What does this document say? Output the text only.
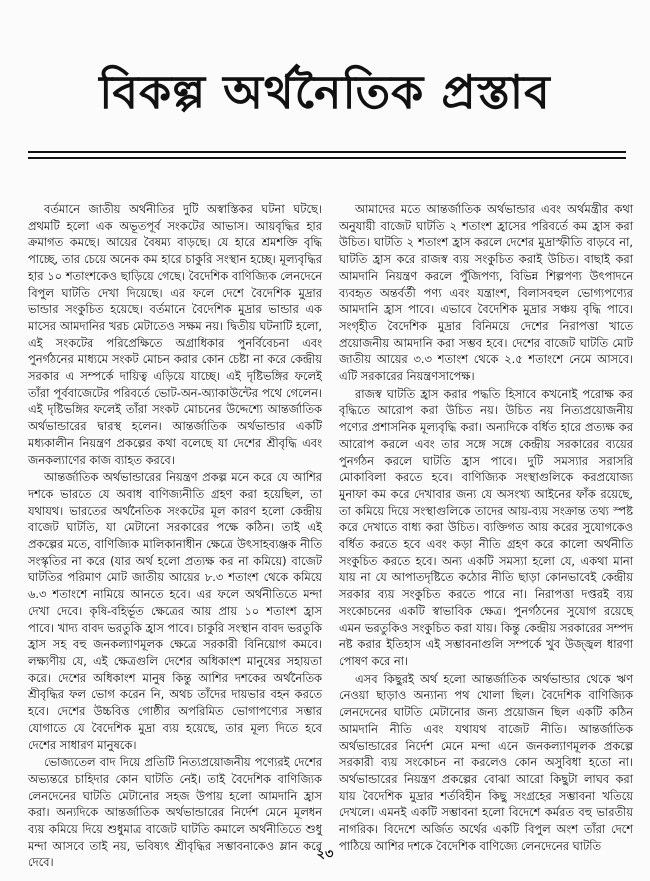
বিকল্প অর্থনৈতিক প্রস্তাব

বর্তমানে জাতীয় অর্থনীতির দুটি অস্বাস্তিকর ঘটনা ঘটছে। প্রথমটি হলো এক অভূতপূর্ব সংকটের আভাস। আয়বৃদ্ধির হার ক্রমাগত কমছে। আয়ের বৈষম্য বাড়ছে। যে হারে শ্রমশক্তি বৃদ্ধি পাচ্ছে, তার চেয়ে অনেক কম হারে চাকুরি সংস্থান হচ্ছে। মূল্যবৃদ্ধির হার ১০ শতাংশকেও ছাড়িয়ে গেছে। বৈদেশিক বাণিজ্যিক লেনদেনে বিপুল ঘাটতি দেখা দিয়েছে। এর ফলে দেশে বৈদেশিক মুদ্রার ভান্ডার সংকুচিত হয়েছে। বর্তমানে বৈদেশিক মুদ্রার ভান্ডার এক মাসের আমদানির খরচ মেটাতেও সক্ষম নয়। দ্বিতীয় ঘটনাটি হলো, এই সংকটের পরিপ্রেক্ষিতে অগ্রাধিকার পুনর্বিবেচনা এবং পুনর্গঠনের মাধ্যমে সংকট মোচন করার কোন চেষ্টা না করে কেন্দ্রীয় সরকার এ সম্পর্কে দায়িত্ব এড়িয়ে যাচ্ছে। এই দৃষ্টিভঙ্গির ফলেই তাঁরা পূর্ববাজেটের পরিবর্তে ভোট-অন-অ্যাকাউন্টের পথে গেলেন। এই দৃষ্টিভঙ্গির ফলেই তাঁরা সংকট মোচনের উদ্দেশ্যে আন্তর্জাতিক অর্থভান্ডারের দ্বারস্থ হলেন। আন্তর্জাতিক অর্থভান্ডার একটি মধ্যকালীন নিয়ন্ত্রণ প্রকল্পের কথা বলেছে যা দেশের শ্রীবৃদ্ধি এবং জনকল্যাণের কাজ ব্যাহত করবে।

আন্তর্জাতিক অর্থভান্ডারের নিয়ন্ত্রণ প্রকল্প মনে করে যে আশির দশকে ভারতে যে অবাধ বাণিজ্যনীতি গ্রহণ করা হয়েছিল, তা যথাযথ। ভারতের অর্থনৈতিক সংকটের মূল কারণ হলো কেন্দ্রীয় বাজেট ঘাটতি, যা মেটানো সরকারের পক্ষে কঠিন। তাই এই প্রকল্পের মতে, বাণিজ্যিক মালিকানাধীন ক্ষেত্রে উৎসাহব্যঞ্জক নীতি সংস্কৃতির না করে (যার অর্থ হলো প্রত্যক্ষ কর না কমিয়ে) বাজেট ঘাটতির পরিমাণ মোট জাতীয় আয়ের ৮.৩ শতাংশ থেকে কমিয়ে ৬.৩ শতাংশে নামিয়ে আনতে হবে। এর ফলে অর্থনীতিতে মন্দা দেখা দেবে। কৃষি-বহির্ভূত ক্ষেত্রের আয় প্রায় ১০ শতাংশ হ্রাস পাবে। খাদ্য বাবদ ভরতুকি হ্রাস পাবে। চাকুরি সংস্থান বাবদ ভরতুকি হ্রাস সহ বহু জনকল্যাণমূলক ক্ষেত্রে সরকারী বিনিয়োগ কমবে। লক্ষ্যণীয় যে, এই ক্ষেত্রগুলি দেশের অধিকাংশ মানুষের সহায়তা করে। দেশের অধিকাংশ মানুষ কিন্তু আশির দশকের অর্থনৈতিক শ্রীবৃদ্ধির ফল ভোগ করেন নি, অথচ তাঁদের দায়ভার বহন করতে হবে। দেশের উচ্চবিত্ত গোষ্ঠীর অপরিমিত ভোগাপণ্যের সম্ভার যোগাতে যে বৈদেশিক মুদ্রা ব্যয় হয়েছে, তার মূল্য দিতে হবে দেশের সাধারণ মানুষকে।

ভোজ্যতেল বাদ দিয়ে প্রতিটি নিত্যপ্রয়োজনীয় পণ্যেরই দেশের অভ্যন্তরে চাহিদার কোন ঘাটতি নেই। তাই বৈদেশিক বাণিজ্যিক লেনদেনের ঘাটতি মেটানোর সহজ উপায় হলো আমদানি হ্রাস করা। অন্যদিকে আন্তর্জাতিক অর্থভান্ডারের নির্দেশ মেনে মূলধন ব্যয় কমিয়ে দিয়ে শুধুমাত্র বাজেট ঘাটতি কমালে অর্থনীতিতে শুধু মন্দা আসবে তাই নয়, ভবিষ্যৎ শ্রীবৃদ্ধির সম্ভাবনাকেও ম্লান করে দেবে।

আমাদের মতে আন্তর্জাতিক অর্থভান্ডার এবং অর্থমন্ত্রীর কথা অনুযায়ী বাজেট ঘাটতি ২ শতাংশ হ্রাসের পরিবর্তে কম হ্রাস করা উচিত। ঘাটতি ২ শতাংশ হ্রাস করলে দেশের মুদ্রাস্ফীতি বাড়বে না, ঘাটতি হ্রাস করে রাজস্ব ব্যয় সংকুচিত করাই উচিত। বাছাই করা আমদানি নিয়ন্ত্রণ করলে পুঁজিপণ্য, বিভিন্ন শিল্পপণ্য উৎপাদনে ব্যবহৃত অন্তর্বর্তী পণ্য এবং যন্ত্রাংশ, বিলাসবহুল ভোগ্যপণ্যের আমদানি হ্রাস পাবে। এভাবে বৈদেশিক মুদ্রার সঞ্চয় বৃদ্ধি পাবে। সংগৃহীত বৈদেশিক মুদ্রার বিনিময়ে দেশের নিরাপত্তা খাতে প্রয়োজনীয় আমদানি করা সম্ভব হবে। দেশের বাজেট ঘাটতি মোট জাতীয় আয়ের ৩.৩ শতাংশ থেকে ২.৫ শতাংশে নেমে আসবে। এটি সরকারের নিয়ন্ত্রণসাপেক্ষ।

রাজস্ব ঘাটতি হ্রাস করার পদ্ধতি হিসাবে কখনোই পরোক্ষ কর বৃদ্ধিতে আরোপ করা উচিত নয়। উচিত নয় নিত্যপ্রয়োজনীয় পণ্যের প্রশাসনিক মূল্যবৃদ্ধি করা। অন্যদিকে বর্ধিত হারে প্রত্যক্ষ কর আরোপ করলে এবং তার সঙ্গে সঙ্গে কেন্দ্রীয় সরকারের ব্যয়ের পুনর্গঠন করলে ঘাটতি হ্রাস পাবে। দুটি সমস্যার সরাসরি মোকাবিলা করতে হবে। বাণিজ্যিক সংস্থাগুলিকে করপ্রযোজ্য মুনাফা কম করে দেখাবার জন্য যে অসংখ্য আইনের ফাঁক রয়েছে, তা কমিয়ে দিয়ে সংস্থাগুলিকে তাদের আয়-ব্যয় সংক্রান্ত তথ্য স্পষ্ট করে দেখাতে বাধ্য করা উচিত। ব্যক্তিগত আয় করের সুযোগকেও বর্ধিত করতে হবে এবং কড়া নীতি গ্রহণ করে কালো অর্থনীতি সংকুচিত করতে হবে। অন্য একটি সমস্যা হলো যে, একথা মানা যায় না যে আপাতদৃষ্টিতে কঠোর নীতি ছাড়া কোনভাবেই কেন্দ্রীয় সরকার ব্যয় সংকুচিত করতে পারে না। নিরাপত্তা দপ্তরই ব্যয় সংকোচনের একটি স্বাভাবিক ক্ষেত্র। পুনর্গঠনের সুযোগ রয়েছে এমন ভরতুকিও সংকুচিত করা যায়। কিন্তু কেন্দ্রীয় সরকারের সম্পদ নষ্ট করার ইতিহাস এই সম্ভাবনাগুলি সম্পর্কে খুব উজ্জ্বল ধারণা পোষণ করে না।

এসব কিছুরই অর্থ হলো আন্তর্জাতিক অর্থভান্ডার থেকে ঋণ নেওয়া ছাড়াও অন্যান্য পথ খোলা ছিল। বৈদেশিক বাণিজ্যিক লেনদেনের ঘাটতি মেটানোর জন্য প্রয়োজন ছিল একটি কঠিন আমদানি নীতি এবং যথাযথ বাজেট নীতি। আন্তর্জাতিক অর্থভান্ডারের নির্দেশ মেনে মন্দা এনে জনকল্যাণমূলক প্রকল্পে সরকারী ব্যয় সংকোচন না করলেও কোন অসুবিধা হতো না। অর্থভান্ডারের নিয়ন্ত্রণ প্রকল্পের বোঝা আরো কিছুটা লাঘব করা যায় বৈদেশিক মুদ্রার শর্তবিহীন কিছু সংগ্রহের সম্ভাবনা খতিয়ে দেখলে। এমনই একটি সম্ভাবনা হলো বিদেশে কর্মরত বহু ভারতীয় নাগরিক। বিদেশে অর্জিত অর্থের একটি বিপুল অংশ তাঁরা দেশে পাঠিয়ে আশির দশকে বৈদেশিক বাণিজ্যে লেনদেনের ঘাটতি

২৩
